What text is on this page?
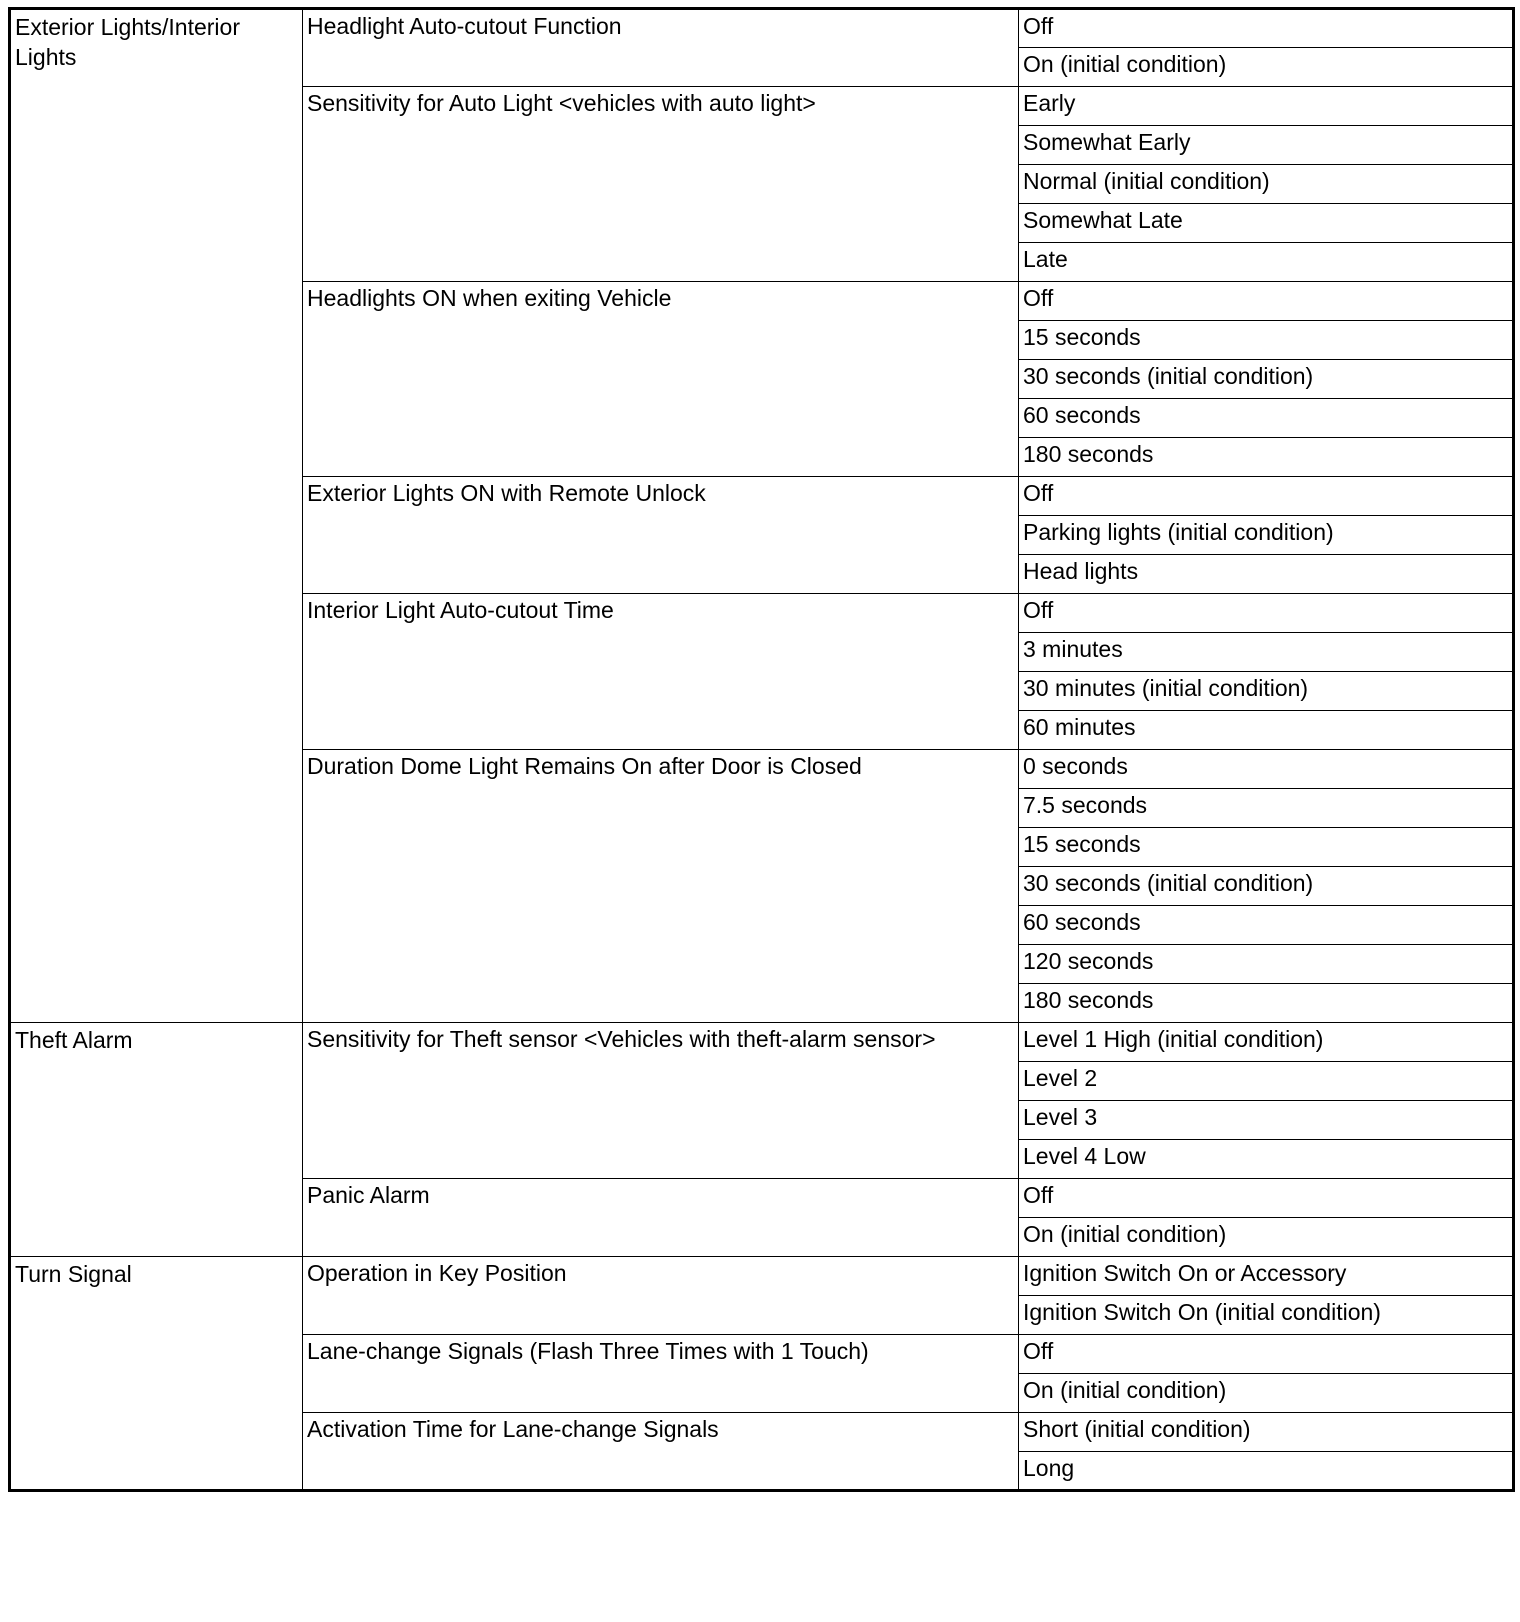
Exterior Lights/Interior Lights	Headlight Auto-cutout Function	Off
		On (initial condition)
	Sensitivity for Auto Light <vehicles with auto light>	Early
		Somewhat Early
		Normal (initial condition)
		Somewhat Late
		Late
	Headlights ON when exiting Vehicle	Off
		15 seconds
		30 seconds (initial condition)
		60 seconds
		180 seconds
	Exterior Lights ON with Remote Unlock	Off
		Parking lights (initial condition)
		Head lights
	Interior Light Auto-cutout Time	Off
		3 minutes
		30 minutes (initial condition)
		60 minutes
	Duration Dome Light Remains On after Door is Closed	0 seconds
		7.5 seconds
		15 seconds
		30 seconds (initial condition)
		60 seconds
		120 seconds
		180 seconds
Theft Alarm	Sensitivity for Theft sensor <Vehicles with theft-alarm sensor>	Level 1 High (initial condition)
		Level 2
		Level 3
		Level 4 Low
	Panic Alarm	Off
		On (initial condition)
Turn Signal	Operation in Key Position	Ignition Switch On or Accessory
		Ignition Switch On (initial condition)
	Lane-change Signals (Flash Three Times with 1 Touch)	Off
		On (initial condition)
	Activation Time for Lane-change Signals	Short (initial condition)
		Long
